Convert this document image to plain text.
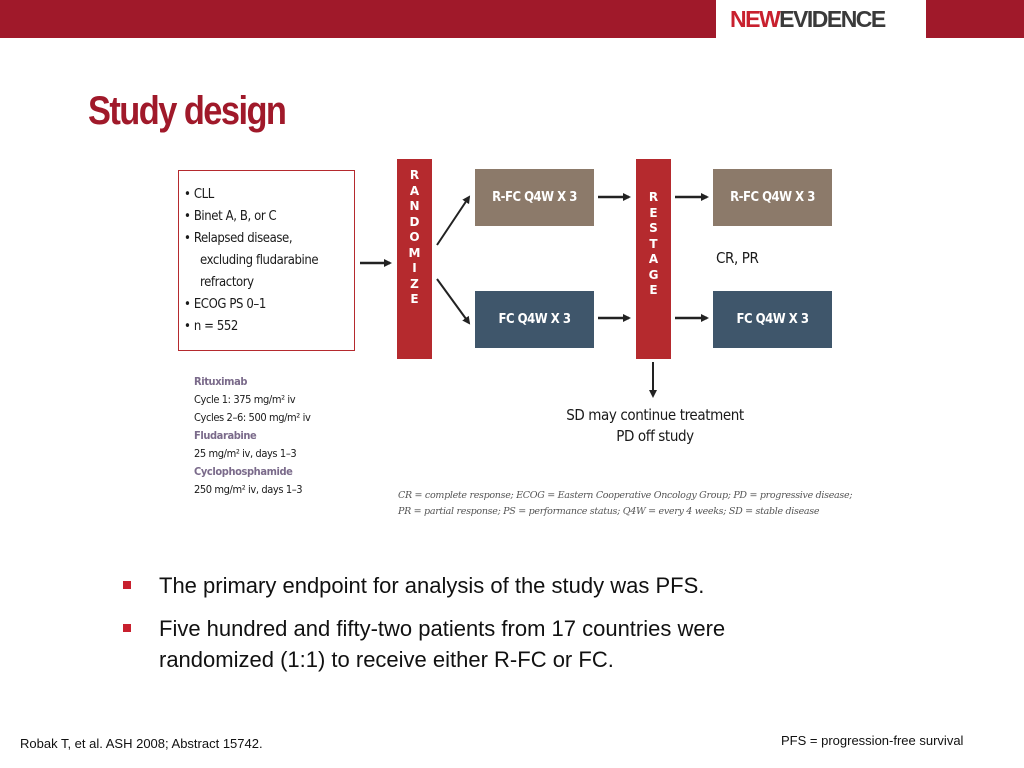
NEWEVIDENCE
Study design
• CLL
• Binet A, B, or C
• Relapsed disease,
excluding fludarabine
refractory
• ECOG PS 0–1
• n = 552
R
A
N
D
O
M
I
Z
E
R
E
S
T
A
G
E
R-FC Q4W X 3
FC Q4W X 3
R-FC Q4W X 3
FC Q4W X 3
CR, PR
SD may continue treatment
PD off study
Rituximab
Cycle 1: 375 mg/m² iv
Cycles 2–6: 500 mg/m² iv
Fludarabine
25 mg/m² iv, days 1–3
Cyclophosphamide
250 mg/m² iv, days 1–3	CR = complete response; ECOG = Eastern Cooperative Oncology Group; PD = progressive disease;
PR = partial response; PS = performance status; Q4W = every 4 weeks; SD = stable disease
The primary endpoint for analysis of the study was PFS.
Five hundred and fifty-two patients from 17 countries were randomized (1:1) to receive either R-FC or FC.
Robak T, et al. ASH 2008; Abstract 15742.	PFS = progression-free survival
